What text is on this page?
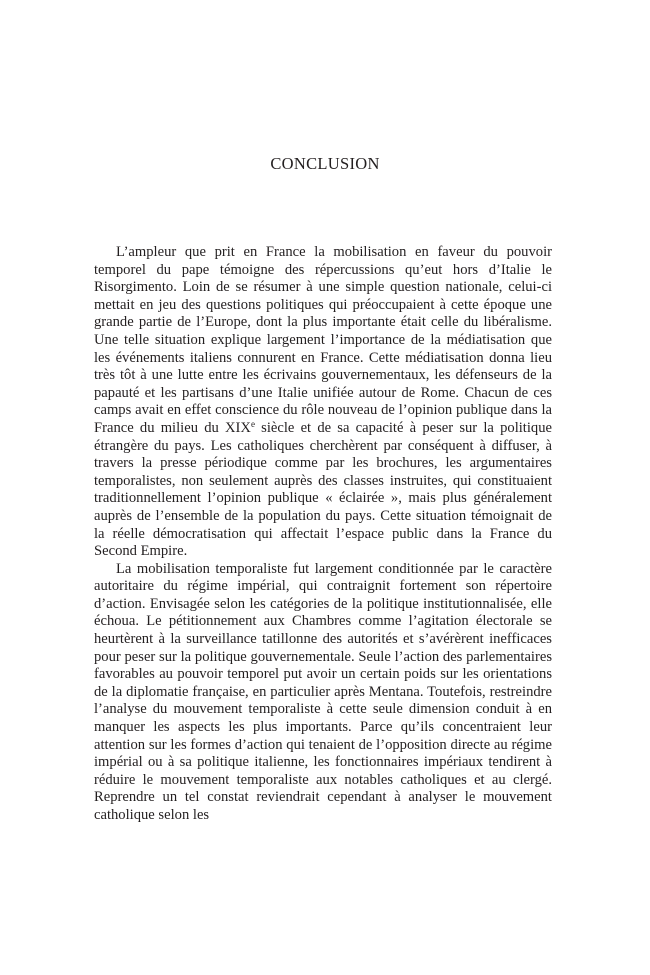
CONCLUSION

L’ampleur que prit en France la mobilisation en faveur du pouvoir temporel du pape témoigne des répercussions qu’eut hors d’Italie le Risorgimento. Loin de se résumer à une simple question nationale, celui-ci mettait en jeu des questions politiques qui préoccupaient à cette époque une grande partie de l’Europe, dont la plus importante était celle du libéralisme. Une telle situation explique largement l’importance de la médiatisation que les événements italiens connurent en France. Cette médiatisation donna lieu très tôt à une lutte entre les écrivains gouvernementaux, les défenseurs de la papauté et les partisans d’une Italie unifiée autour de Rome. Chacun de ces camps avait en effet conscience du rôle nouveau de l’opinion publique dans la France du milieu du XIXe siècle et de sa capacité à peser sur la politique étrangère du pays. Les catholiques cherchèrent par conséquent à diffuser, à travers la presse périodique comme par les brochures, les argumentaires temporalistes, non seulement auprès des classes instruites, qui constituaient traditionnellement l’opinion publique « éclairée », mais plus généralement auprès de l’ensemble de la population du pays. Cette situation témoignait de la réelle démocratisation qui affectait l’espace public dans la France du Second Empire.

La mobilisation temporaliste fut largement conditionnée par le caractère autoritaire du régime impérial, qui contraignit fortement son répertoire d’action. Envisagée selon les catégories de la politique institutionnalisée, elle échoua. Le pétitionnement aux Chambres comme l’agitation électorale se heurtèrent à la surveillance tatillonne des autorités et s’avérèrent inefficaces pour peser sur la politique gouvernementale. Seule l’action des parlementaires favorables au pouvoir temporel put avoir un certain poids sur les orientations de la diplomatie française, en particulier après Mentana. Toutefois, restreindre l’analyse du mouvement temporaliste à cette seule dimension conduit à en manquer les aspects les plus importants. Parce qu’ils concentraient leur attention sur les formes d’action qui tenaient de l’opposition directe au régime impérial ou à sa politique italienne, les fonctionnaires impériaux tendirent à réduire le mouvement temporaliste aux notables catholiques et au clergé. Reprendre un tel constat reviendrait cependant à analyser le mouvement catholique selon les
